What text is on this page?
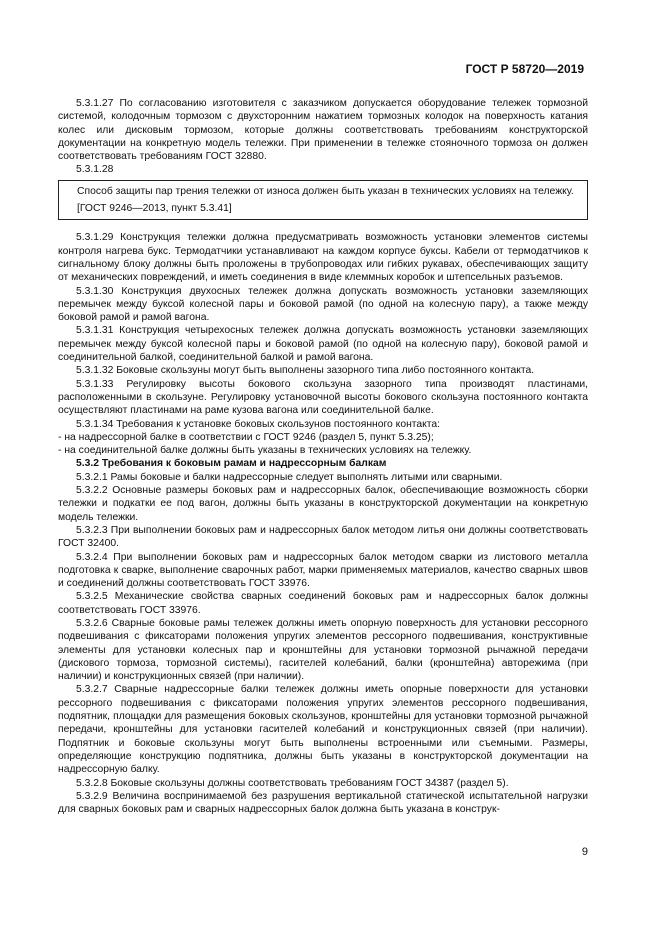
ГОСТ Р 58720—2019

5.3.1.27 По согласованию изготовителя с заказчиком допускается оборудование тележек тормозной системой, колодочным тормозом с двухсторонним нажатием тормозных колодок на поверхность катания колес или дисковым тормозом, которые должны соответствовать требованиям конструкторской документации на конкретную модель тележки. При применении в тележке стояночного тормоза он должен соответствовать требованиям ГОСТ 32880.

5.3.1.28

Способ защиты пар трения тележки от износа должен быть указан в технических условиях на тележку.

[ГОСТ 9246—2013, пункт 5.3.41]

5.3.1.29 Конструкция тележки должна предусматривать возможность установки элементов системы контроля нагрева букс. Термодатчики устанавливают на каждом корпусе буксы. Кабели от термодатчиков к сигнальному блоку должны быть проложены в трубопроводах или гибких рукавах, обеспечивающих защиту от механических повреждений, и иметь соединения в виде клеммных коробок и штепсельных разъемов.

5.3.1.30 Конструкция двухосных тележек должна допускать возможность установки заземляющих перемычек между буксой колесной пары и боковой рамой (по одной на колесную пару), а также между боковой рамой и рамой вагона.

5.3.1.31 Конструкция четырехосных тележек должна допускать возможность установки заземляющих перемычек между буксой колесной пары и боковой рамой (по одной на колесную пару), боковой рамой и соединительной балкой, соединительной балкой и рамой вагона.

5.3.1.32 Боковые скользуны могут быть выполнены зазорного типа либо постоянного контакта.

5.3.1.33 Регулировку высоты бокового скользуна зазорного типа производят пластинами, расположенными в скользуне. Регулировку установочной высоты бокового скользуна постоянного контакта осуществляют пластинами на раме кузова вагона или соединительной балке.

5.3.1.34 Требования к установке боковых скользунов постоянного контакта:

- на надрессорной балке в соответствии с ГОСТ 9246 (раздел 5, пункт 5.3.25);

- на соединительной балке должны быть указаны в технических условиях на тележку.

5.3.2 Требования к боковым рамам и надрессорным балкам

5.3.2.1 Рамы боковые и балки надрессорные следует выполнять литыми или сварными.

5.3.2.2 Основные размеры боковых рам и надрессорных балок, обеспечивающие возможность сборки тележки и подкатки ее под вагон, должны быть указаны в конструкторской документации на конкретную модель тележки.

5.3.2.3 При выполнении боковых рам и надрессорных балок методом литья они должны соответствовать ГОСТ 32400.

5.3.2.4 При выполнении боковых рам и надрессорных балок методом сварки из листового металла подготовка к сварке, выполнение сварочных работ, марки применяемых материалов, качество сварных швов и соединений должны соответствовать ГОСТ 33976.

5.3.2.5 Механические свойства сварных соединений боковых рам и надрессорных балок должны соответствовать ГОСТ 33976.

5.3.2.6 Сварные боковые рамы тележек должны иметь опорную поверхность для установки рессорного подвешивания с фиксаторами положения упругих элементов рессорного подвешивания, конструктивные элементы для установки колесных пар и кронштейны для установки тормозной рычажной передачи (дискового тормоза, тормозной системы), гасителей колебаний, балки (кронштейна) авторежима (при наличии) и конструкционных связей (при наличии).

5.3.2.7 Сварные надрессорные балки тележек должны иметь опорные поверхности для установки рессорного подвешивания с фиксаторами положения упругих элементов рессорного подвешивания, подпятник, площадки для размещения боковых скользунов, кронштейны для установки тормозной рычажной передачи, кронштейны для установки гасителей колебаний и конструкционных связей (при наличии). Подпятник и боковые скользуны могут быть выполнены встроенными или съемными. Размеры, определяющие конструкцию подпятника, должны быть указаны в конструкторской документации на надрессорную балку.

5.3.2.8 Боковые скользуны должны соответствовать требованиям ГОСТ 34387 (раздел 5).

5.3.2.9 Величина воспринимаемой без разрушения вертикальной статической испытательной нагрузки для сварных боковых рам и сварных надрессорных балок должна быть указана в конструк-

9
